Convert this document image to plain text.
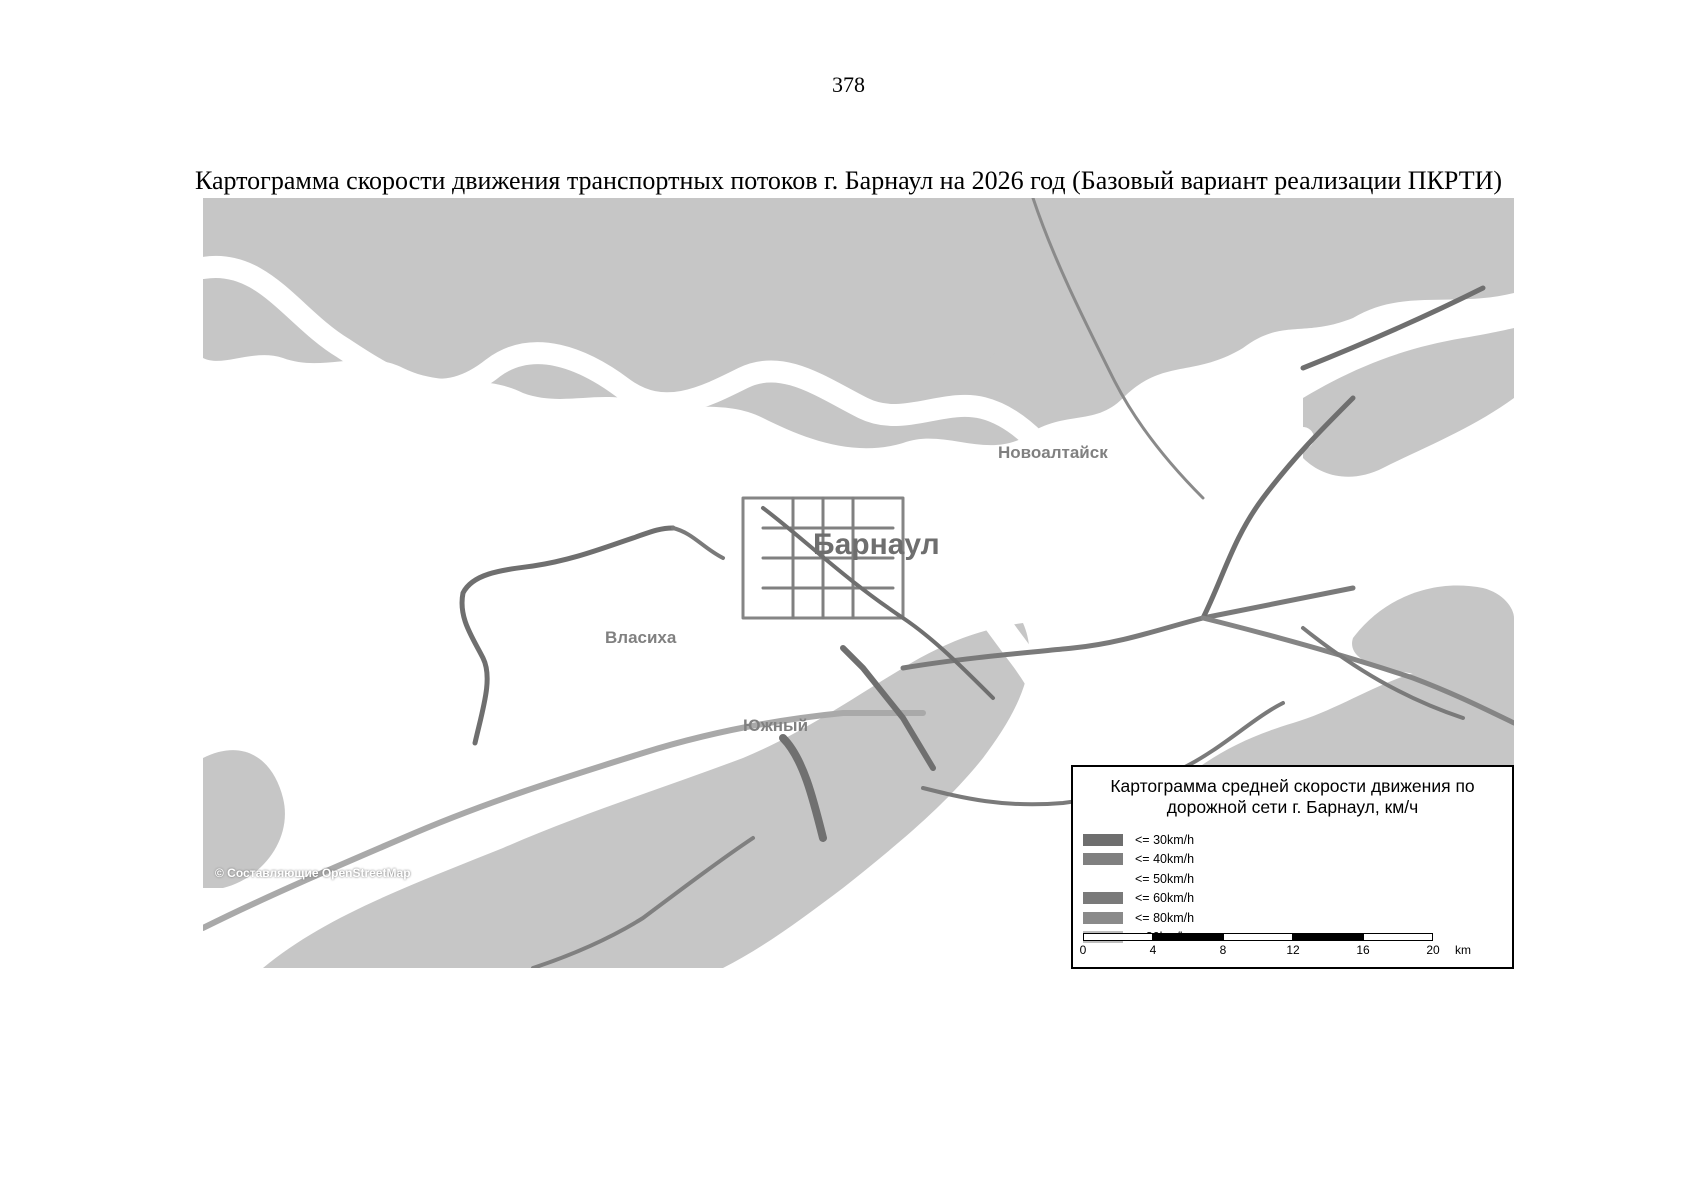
378
Картограмма скорости движения транспортных потоков г. Барнаул на 2026 год (Базовый вариант реализации ПКРТИ)
Барнаул
Новоалтайск
Власиха
Южный
© Составляющие OpenStreetMap
Картограмма средней скорости движения по дорожной сети г. Барнаул, км/ч
<= 30km/h
<= 40km/h
<= 50km/h
<= 60km/h
<= 80km/h
0	4	8	12	16	20 km
